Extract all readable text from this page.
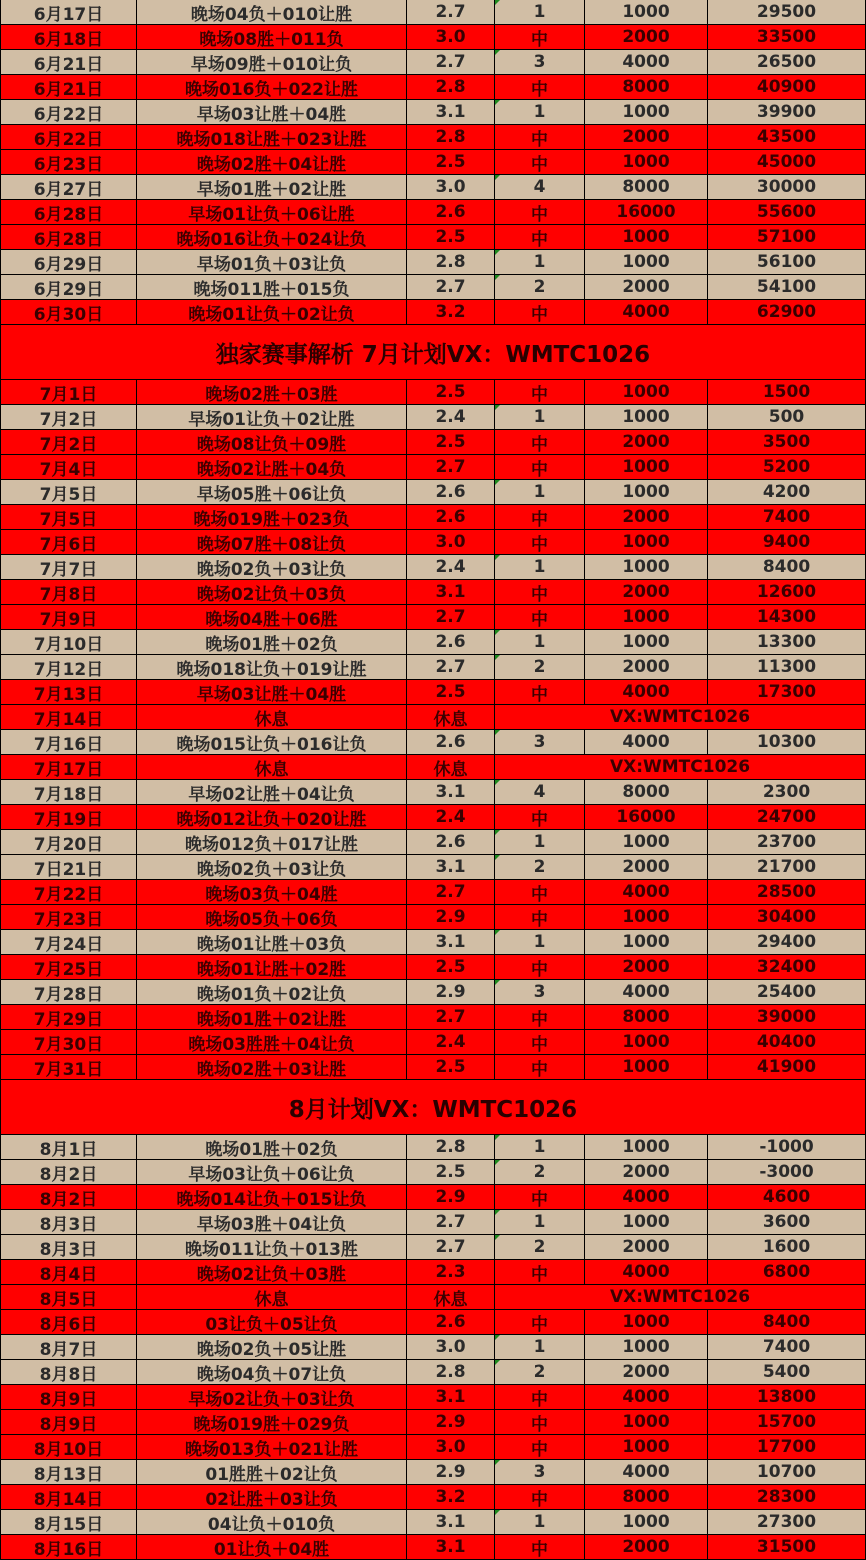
6月17日	晚场04负＋010让胜	2.7	1	1000	29500
6月18日	晚场08胜＋011负	3.0	中	2000	33500
6月21日	早场09胜＋010让负	2.7	3	4000	26500
6月21日	晚场016负＋022让胜	2.8	中	8000	40900
6月22日	早场03让胜＋04胜	3.1	1	1000	39900
6月22日	晚场018让胜＋023让胜	2.8	中	2000	43500
6月23日	晚场02胜＋04让胜	2.5	中	1000	45000
6月27日	早场01胜＋02让胜	3.0	4	8000	30000
6月28日	早场01让负＋06让胜	2.6	中	16000	55600
6月28日	晚场016让负＋024让负	2.5	中	1000	57100
6月29日	早场01负＋03让负	2.8	1	1000	56100
6月29日	晚场011胜＋015负	2.7	2	2000	54100
6月30日	晚场01让负＋02让负	3.2	中	4000	62900
独家赛事解析 7月计划VX：WMTC1026
7月1日	晚场02胜＋03胜	2.5	中	1000	1500
7月2日	早场01让负＋02让胜	2.4	1	1000	500
7月2日	晚场08让负＋09胜	2.5	中	2000	3500
7月4日	晚场02让胜＋04负	2.7	中	1000	5200
7月5日	早场05胜＋06让负	2.6	1	1000	4200
7月5日	晚场019胜＋023负	2.6	中	2000	7400
7月6日	晚场07胜＋08让负	3.0	中	1000	9400
7月7日	晚场02负＋03让负	2.4	1	1000	8400
7月8日	晚场02让负＋03负	3.1	中	2000	12600
7月9日	晚场04胜＋06胜	2.7	中	1000	14300
7月10日	晚场01胜＋02负	2.6	1	1000	13300
7月12日	晚场018让负＋019让胜	2.7	2	2000	11300
7月13日	早场03让胜＋04胜	2.5	中	4000	17300
7月14日	休息	休息	VX:WMTC1026
7月16日	晚场015让负＋016让负	2.6	3	4000	10300
7月17日	休息	休息	VX:WMTC1026
7月18日	早场02让胜＋04让负	3.1	4	8000	2300
7月19日	晚场012让负＋020让胜	2.4	中	16000	24700
7月20日	晚场012负＋017让胜	2.6	1	1000	23700
7日21日	晚场02负＋03让负	3.1	2	2000	21700
7月22日	晚场03负＋04胜	2.7	中	4000	28500
7月23日	晚场05负＋06负	2.9	中	1000	30400
7月24日	晚场01让胜＋03负	3.1	1	1000	29400
7月25日	晚场01让胜＋02胜	2.5	中	2000	32400
7月28日	晚场01负＋02让负	2.9	3	4000	25400
7月29日	晚场01胜＋02让胜	2.7	中	8000	39000
7月30日	晚场03胜胜＋04让负	2.4	中	1000	40400
7月31日	晚场02胜＋03让胜	2.5	中	1000	41900
8月计划VX：WMTC1026
8月1日	晚场01胜＋02负	2.8	1	1000	-1000
8月2日	早场03让负＋06让负	2.5	2	2000	-3000
8月2日	晚场014让负＋015让负	2.9	中	4000	4600
8月3日	早场03胜＋04让负	2.7	1	1000	3600
8月3日	晚场011让负＋013胜	2.7	2	2000	1600
8月4日	晚场02让负＋03胜	2.3	中	4000	6800
8月5日	休息	休息	VX:WMTC1026
8月6日	03让负＋05让负	2.6	中	1000	8400
8月7日	晚场02负＋05让胜	3.0	1	1000	7400
8月8日	晚场04负＋07让负	2.8	2	2000	5400
8月9日	早场02让负＋03让负	3.1	中	4000	13800
8月9日	晚场019胜＋029负	2.9	中	1000	15700
8月10日	晚场013负＋021让胜	3.0	中	1000	17700
8月13日	01胜胜＋02让负	2.9	3	4000	10700
8月14日	02让胜＋03让负	3.2	中	8000	28300
8月15日	04让负＋010负	3.1	1	1000	27300
8月16日	01让负＋04胜	3.1	中	2000	31500
